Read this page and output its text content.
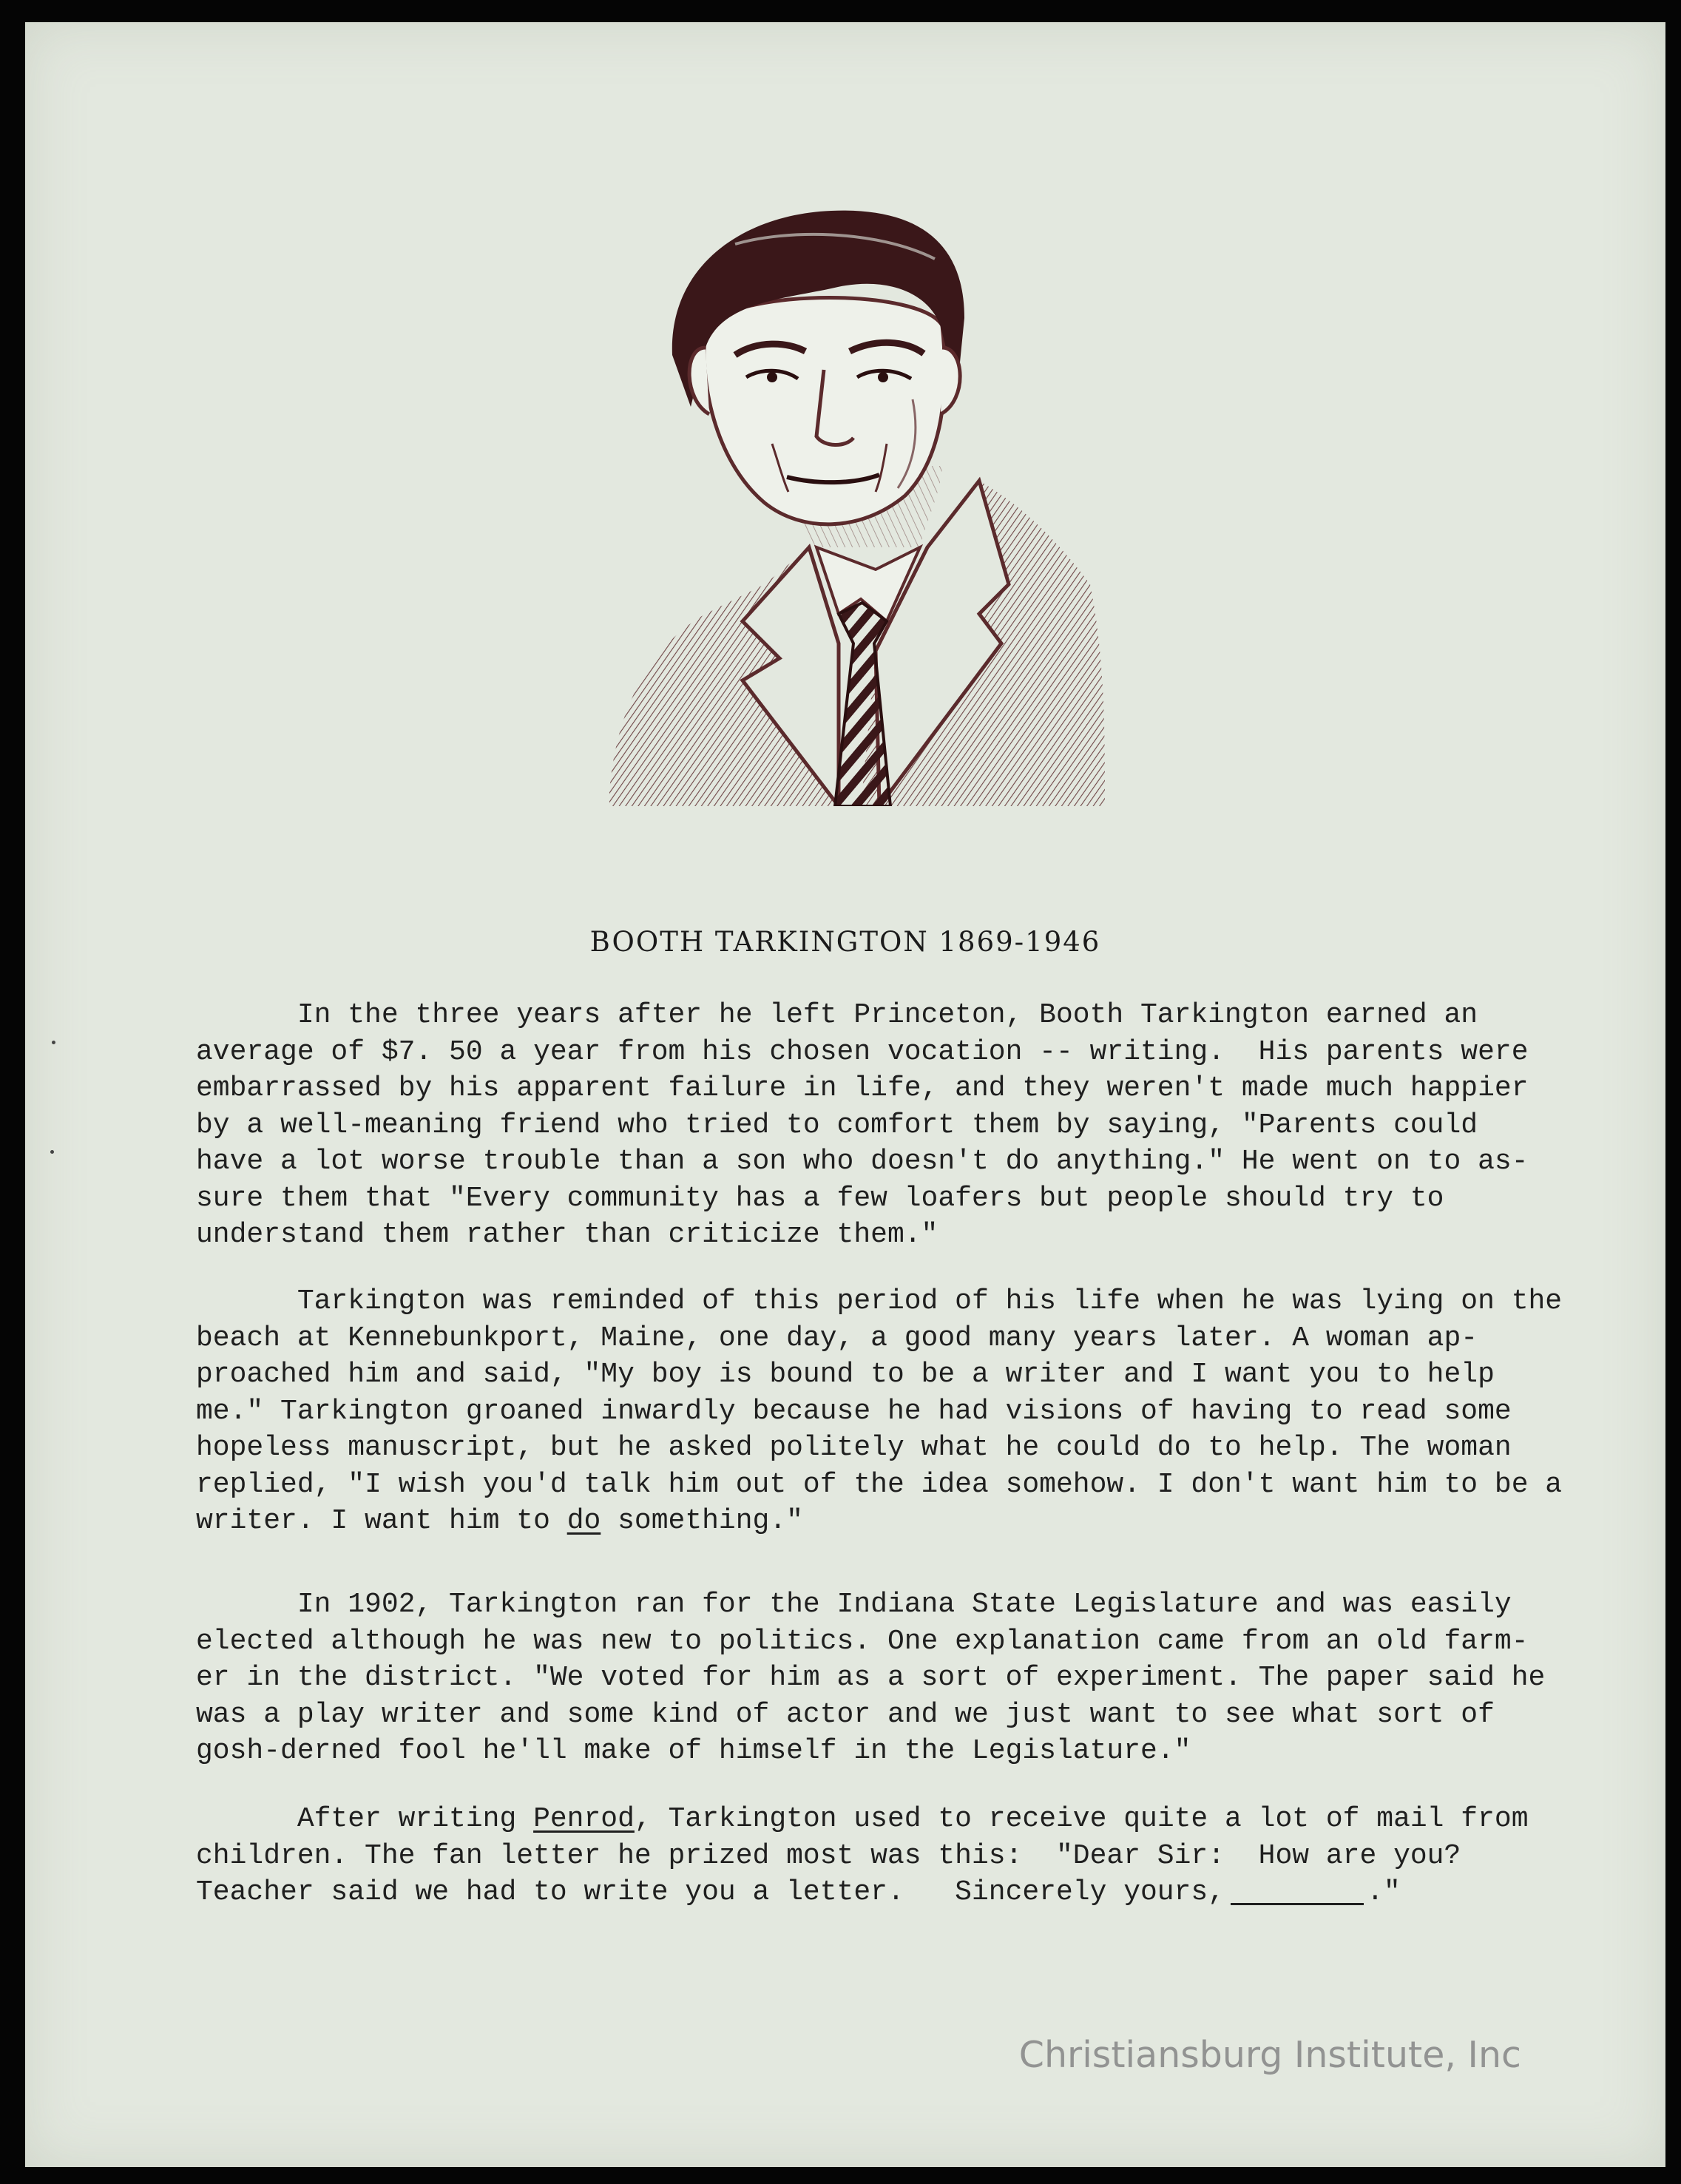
BOOTH TARKINGTON 1869-1946
In the three years after he left Princeton, Booth Tarkington earned an
average of $7. 50 a year from his chosen vocation -- writing.  His parents were
embarrassed by his apparent failure in life, and they weren't made much happier
by a well-meaning friend who tried to comfort them by saying, "Parents could
have a lot worse trouble than a son who doesn't do anything." He went on to as-
sure them that "Every community has a few loafers but people should try to
understand them rather than criticize them."
Tarkington was reminded of this period of his life when he was lying on the
beach at Kennebunkport, Maine, one day, a good many years later. A woman ap-
proached him and said, "My boy is bound to be a writer and I want you to help
me." Tarkington groaned inwardly because he had visions of having to read some
hopeless manuscript, but he asked politely what he could do to help. The woman
replied, "I wish you'd talk him out of the idea somehow. I don't want him to be a
writer. I want him to do something."
In 1902, Tarkington ran for the Indiana State Legislature and was easily
elected although he was new to politics. One explanation came from an old farm-
er in the district. "We voted for him as a sort of experiment. The paper said he
was a play writer and some kind of actor and we just want to see what sort of
gosh-derned fool he'll make of himself in the Legislature."
After writing Penrod, Tarkington used to receive quite a lot of mail from
children. The fan letter he prized most was this:  "Dear Sir:  How are you?
Teacher said we had to write you a letter.   Sincerely yours,	."
Christiansburg Institute, Inc
